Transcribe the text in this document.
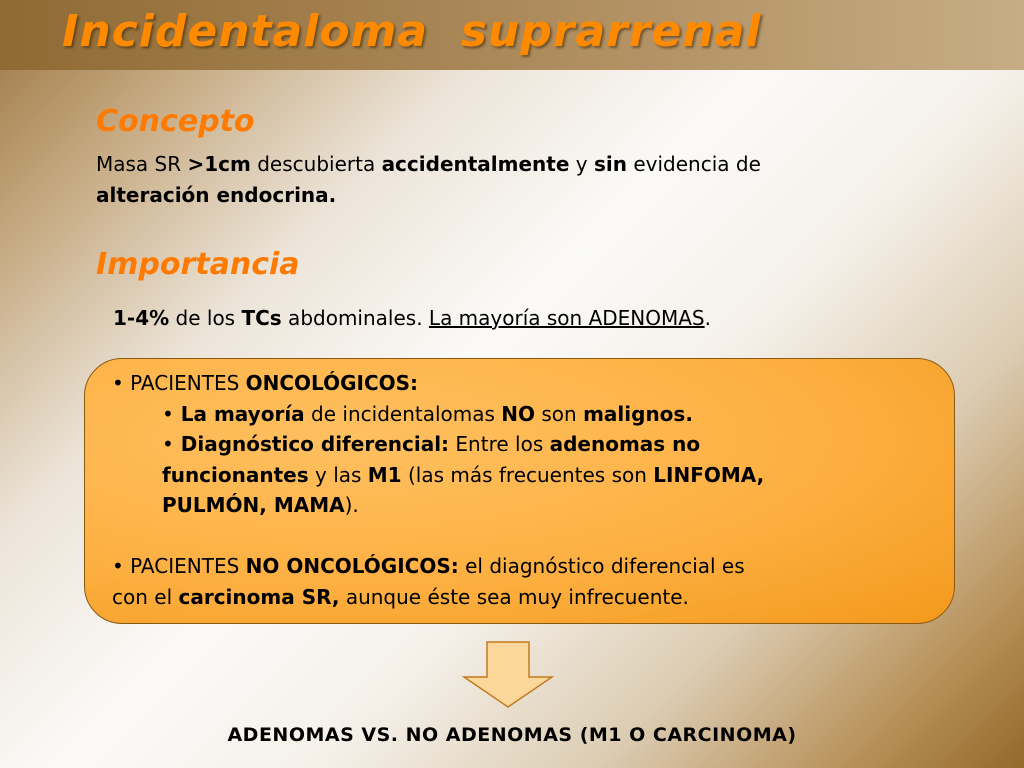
Incidentaloma  suprarrenal
Concepto

Masa SR >1cm descubierta accidentalmente y sin evidencia de
alteración endocrina.

Importancia

1-4% de los TCs abdominales. La mayoría son ADENOMAS.

• PACIENTES ONCOLÓGICOS:

• La mayoría de incidentalomas NO son malignos.

• Diagnóstico diferencial: Entre los adenomas no
funcionantes y las M1 (las más frecuentes son LINFOMA,
PULMÓN, MAMA).

• PACIENTES NO ONCOLÓGICOS: el diagnóstico diferencial es
con el carcinoma SR, aunque éste sea muy infrecuente.

ADENOMAS VS. NO ADENOMAS (M1 O CARCINOMA)
